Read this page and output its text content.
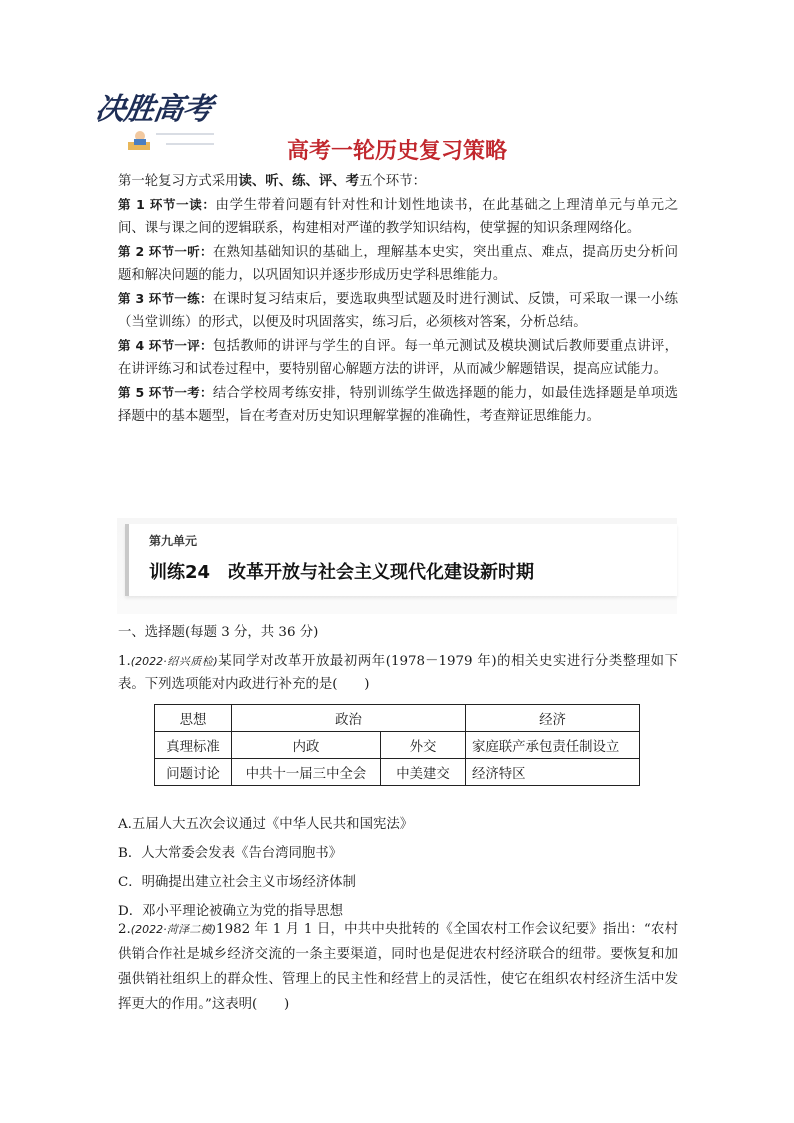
决胜高考
高考一轮历史复习策略

第一轮复习方式采用读、听、练、评、考五个环节：

第 1 环节一读：由学生带着问题有针对性和计划性地读书，在此基础之上理清单元与单元之间、课与课之间的逻辑联系，构建相对严谨的教学知识结构，使掌握的知识条理网络化。

第 2 环节一听：在熟知基础知识的基础上，理解基本史实，突出重点、难点，提高历史分析问题和解决问题的能力，以巩固知识并逐步形成历史学科思维能力。

第 3 环节一练：在课时复习结束后，要选取典型试题及时进行测试、反馈，可采取一课一小练（当堂训练）的形式，以便及时巩固落实，练习后，必须核对答案，分析总结。

第 4 环节一评：包括教师的讲评与学生的自评。每一单元测试及模块测试后教师要重点讲评，在讲评练习和试卷过程中，要特别留心解题方法的讲评，从而减少解题错误，提高应试能力。

第 5 环节一考：结合学校周考练安排，特别训练学生做选择题的能力，如最佳选择题是单项选择题中的基本题型，旨在考查对历史知识理解掌握的准确性，考查辩证思维能力。

第九单元
训练24　改革开放与社会主义现代化建设新时期
一、选择题(每题 3 分，共 36 分)
1.(2022·绍兴质检)某同学对改革开放最初两年(1978－1979 年)的相关史实进行分类整理如下表。下列选项能对内政进行补充的是(　　)
思想	政治		经济
真理标准	内政	外交	家庭联产承包责任制设立
问题讨论	中共十一届三中全会	中美建交	经济特区
A.五届人大五次会议通过《中华人民共和国宪法》
B．人大常委会发表《告台湾同胞书》
C．明确提出建立社会主义市场经济体制
D．邓小平理论被确立为党的指导思想
2.(2022·菏泽二模)1982 年 1 月 1 日，中共中央批转的《全国农村工作会议纪要》指出：“农村供销合作社是城乡经济交流的一条主要渠道，同时也是促进农村经济联合的纽带。要恢复和加强供销社组织上的群众性、管理上的民主性和经营上的灵活性，使它在组织农村经济生活中发挥更大的作用。”这表明(　　)
